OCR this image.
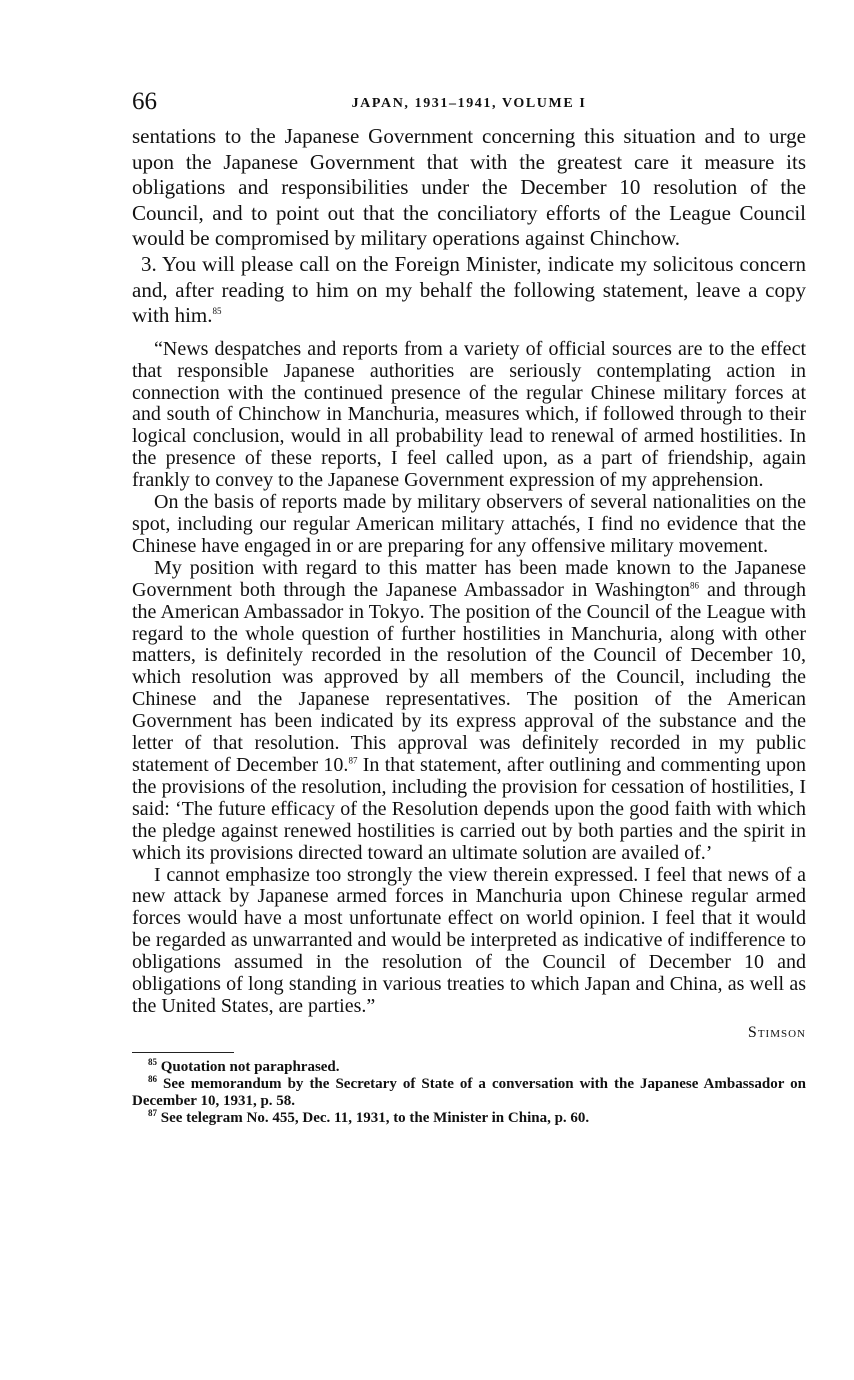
66	JAPAN, 1931–1941, VOLUME I

sentations to the Japanese Government concerning this situation and to urge upon the Japanese Government that with the greatest care it measure its obligations and responsibilities under the December 10 resolution of the Council, and to point out that the conciliatory efforts of the League Council would be compromised by military operations against Chinchow.

3. You will please call on the Foreign Minister, indicate my solicitous concern and, after reading to him on my behalf the following statement, leave a copy with him.$^{85}$

“News despatches and reports from a variety of official sources are to the effect that responsible Japanese authorities are seriously contemplating action in connection with the continued presence of the regular Chinese military forces at and south of Chinchow in Manchuria, measures which, if followed through to their logical conclusion, would in all probability lead to renewal of armed hostilities. In the presence of these reports, I feel called upon, as a part of friendship, again frankly to convey to the Japanese Government expression of my apprehension.

On the basis of reports made by military observers of several nationalities on the spot, including our regular American military attachés, I find no evidence that the Chinese have engaged in or are preparing for any offensive military movement.

My position with regard to this matter has been made known to the Japanese Government both through the Japanese Ambassador in Washington$^{86}$ and through the American Ambassador in Tokyo. The position of the Council of the League with regard to the whole question of further hostilities in Manchuria, along with other matters, is definitely recorded in the resolution of the Council of December 10, which resolution was approved by all members of the Council, including the Chinese and the Japanese representatives. The position of the American Government has been indicated by its express approval of the substance and the letter of that resolution. This approval was definitely recorded in my public statement of December 10.87 In that statement, after outlining and commenting upon the provisions of the resolution, including the provision for cessation of hostilities, I said: ‘The future efficacy of the Resolution depends upon the good faith with which the pledge against renewed hostilities is carried out by both parties and the spirit in which its provisions directed toward an ultimate solution are availed of.’

I cannot emphasize too strongly the view therein expressed. I feel that news of a new attack by Japanese armed forces in Manchuria upon Chinese regular armed forces would have a most unfortunate effect on world opinion. I feel that it would be regarded as unwarranted and would be interpreted as indicative of indifference to obligations assumed in the resolution of the Council of December 10 and obligations of long standing in various treaties to which Japan and China, as well as the United States, are parties.”

Stimson

$^{85}$ Quotation not paraphrased.

$^{86}$ See memorandum by the Secretary of State of a conversation with the Japanese Ambassador on December 10, 1931, p. 58.

$^{87}$ See telegram No. 455, Dec. 11, 1931, to the Minister in China, p. 60.
